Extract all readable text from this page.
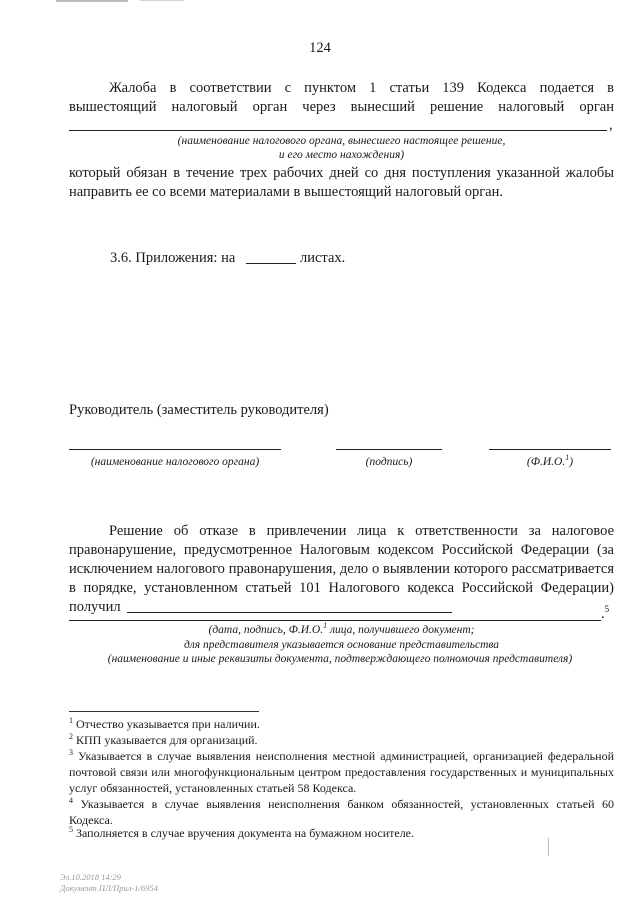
124
Жалоба в соответствии с пунктом 1 статьи 139 Кодекса подается в
вышестоящий налоговый орган через вынесший решение налоговый орган
,
(наименование налогового органа, вынесшего настоящее решение,
и его место нахождения)
который обязан в течение трех рабочих дней со дня поступления указанной жалобы
направить ее со всеми материалами в вышестоящий налоговый орган.
3.6. Приложения: на	листах.
Руководитель (заместитель руководителя)
(наименование налогового органа)	(подпись)	(Ф.И.О.$^1$)
Решение об отказе в привлечении лица к ответственности за налоговое
правонарушение, предусмотренное Налоговым кодексом Российской Федерации (за
исключением налогового правонарушения, дело о выявлении которого рассматривается
в порядке, установленном статьей 101 Налогового кодекса Российской Федерации)
получил	.$^5$
(дата, подпись, Ф.И.О.$^1$ лица, получившего документ;
для представителя указывается основание представительства
(наименование и иные реквизиты документа, подтверждающего полномочия представителя)
$^1$ Отчество указывается при наличии.
$^2$ КПП указывается для организаций.
$^3$ Указывается в случае выявления неисполнения местной администрацией, организацией федеральной почтовой связи или многофункциональным центром предоставления государственных и муниципальных услуг обязанностей, установленных статьей 58 Кодекса.
$^4$ Указывается в случае выявления неисполнения банком обязанностей, установленных статьей 60 Кодекса.
$^5$ Заполняется в случае вручения документа на бумажном носителе.
Эл.10.2018 14:29
Документ ПЛ/Прил-1/6954
